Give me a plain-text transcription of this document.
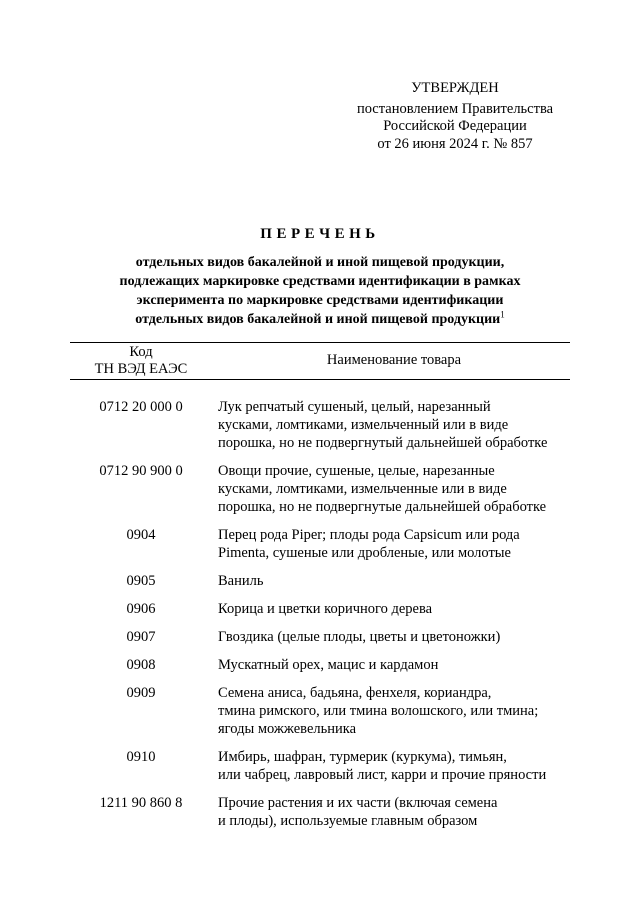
УТВЕРЖДЕН
постановлением Правительства
Российской Федерации
от 26 июня 2024 г. № 857
ПЕРЕЧЕНЬ
отдельных видов бакалейной и иной пищевой продукции,
подлежащих маркировке средствами идентификации в рамках
эксперимента по маркировке средствами идентификации
отдельных видов бакалейной и иной пищевой продукции$^1$
Код
ТН ВЭД ЕАЭС
Наименование товара
0712 20 000 0	Лук репчатый сушеный, целый, нарезанный
кусками, ломтиками, измельченный или в виде
порошка, но не подвергнутый дальнейшей обработке
0712 90 900 0	Овощи прочие, сушеные, целые, нарезанные
кусками, ломтиками, измельченные или в виде
порошка, но не подвергнутые дальнейшей обработке
0904	Перец рода Piper; плоды рода Capsicum или рода
Pimenta, сушеные или дробленые, или молотые
0905	Ваниль
0906	Корица и цветки коричного дерева
0907	Гвоздика (целые плоды, цветы и цветоножки)
0908	Мускатный орех, мацис и кардамон
0909	Семена аниса, бадьяна, фенхеля, кориандра,
тмина римского, или тмина волошского, или тмина;
ягоды можжевельника
0910	Имбирь, шафран, турмерик (куркума), тимьян,
или чабрец, лавровый лист, карри и прочие пряности
1211 90 860 8	Прочие растения и их части (включая семена
и плоды), используемые главным образом
